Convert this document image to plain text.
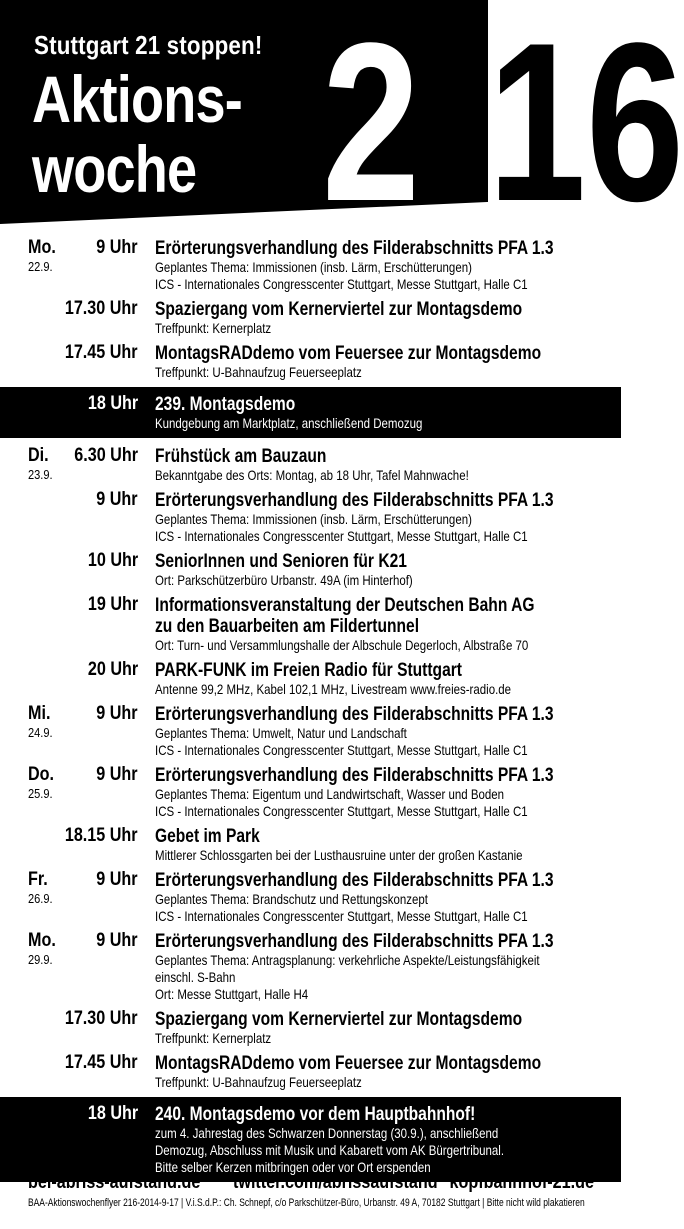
Stuttgart 21 stoppen!
Aktions-
woche 2 16
22.9. - 29.9.
Mo.
22.9.
9 Uhr Erörterungsverhandlung des Filderabschnitts PFA 1.3
Geplantes Thema: Immissionen (insb. Lärm, Erschütterungen)
ICS - Internationales Congresscenter Stuttgart, Messe Stuttgart, Halle C1
17.30 Uhr Spaziergang vom Kernerviertel zur Montagsdemo
Treffpunkt: Kernerplatz
17.45 Uhr MontagsRADdemo vom Feuersee zur Montagsdemo
Treffpunkt: U-Bahnaufzug Feuerseeplatz
18 Uhr 239. Montagsdemo
Kundgebung am Marktplatz, anschließend Demozug
Di.
23.9.
6.30 Uhr Frühstück am Bauzaun
Bekanntgabe des Orts: Montag, ab 18 Uhr, Tafel Mahnwache!
9 Uhr Erörterungsverhandlung des Filderabschnitts PFA 1.3
Geplantes Thema: Immissionen (insb. Lärm, Erschütterungen)
ICS - Internationales Congresscenter Stuttgart, Messe Stuttgart, Halle C1
10 Uhr SeniorInnen und Senioren für K21
Ort: Parkschützerbüro Urbanstr. 49A (im Hinterhof)
19 Uhr Informationsveranstaltung der Deutschen Bahn AG
zu den Bauarbeiten am Fildertunnel
Ort: Turn- und Versammlungshalle der Albschule Degerloch, Albstraße 70
20 Uhr PARK-FUNK im Freien Radio für Stuttgart
Antenne 99,2 MHz, Kabel 102,1 MHz, Livestream www.freies-radio.de
Mi.
24.9.
9 Uhr Erörterungsverhandlung des Filderabschnitts PFA 1.3
Geplantes Thema: Umwelt, Natur und Landschaft
ICS - Internationales Congresscenter Stuttgart, Messe Stuttgart, Halle C1
Do.
25.9.
9 Uhr Erörterungsverhandlung des Filderabschnitts PFA 1.3
Geplantes Thema: Eigentum und Landwirtschaft, Wasser und Boden
ICS - Internationales Congresscenter Stuttgart, Messe Stuttgart, Halle C1
18.15 Uhr Gebet im Park
Mittlerer Schlossgarten bei der Lusthausruine unter der großen Kastanie
Fr.
26.9.
9 Uhr Erörterungsverhandlung des Filderabschnitts PFA 1.3
Geplantes Thema: Brandschutz und Rettungskonzept
ICS - Internationales Congresscenter Stuttgart, Messe Stuttgart, Halle C1
Mo.
29.9.
9 Uhr Erörterungsverhandlung des Filderabschnitts PFA 1.3
Geplantes Thema: Antragsplanung: verkehrliche Aspekte/Leistungsfähigkeit
einschl. S-Bahn
Ort: Messe Stuttgart, Halle H4
17.30 Uhr Spaziergang vom Kernerviertel zur Montagsdemo
Treffpunkt: Kernerplatz
17.45 Uhr MontagsRADdemo vom Feuersee zur Montagsdemo
Treffpunkt: U-Bahnaufzug Feuerseeplatz
18 Uhr 240. Montagsdemo vor dem Hauptbahnhof!
zum 4. Jahrestag des Schwarzen Donnerstag (30.9.), anschließend
Demozug, Abschluss mit Musik und Kabarett vom AK Bürgertribunal.
Bitte selber Kerzen mitbringen oder vor Ort erspenden
bei-abriss-aufstand.de twitter.com/abrissaufstand kopfbahnhof-21.de
BAA-Aktionswochenflyer 216-2014-9-17 | V.i.S.d.P.: Ch. Schnepf, c/o Parkschützer-Büro, Urbanstr. 49 A, 70182 Stuttgart | Bitte nicht wild plakatieren
